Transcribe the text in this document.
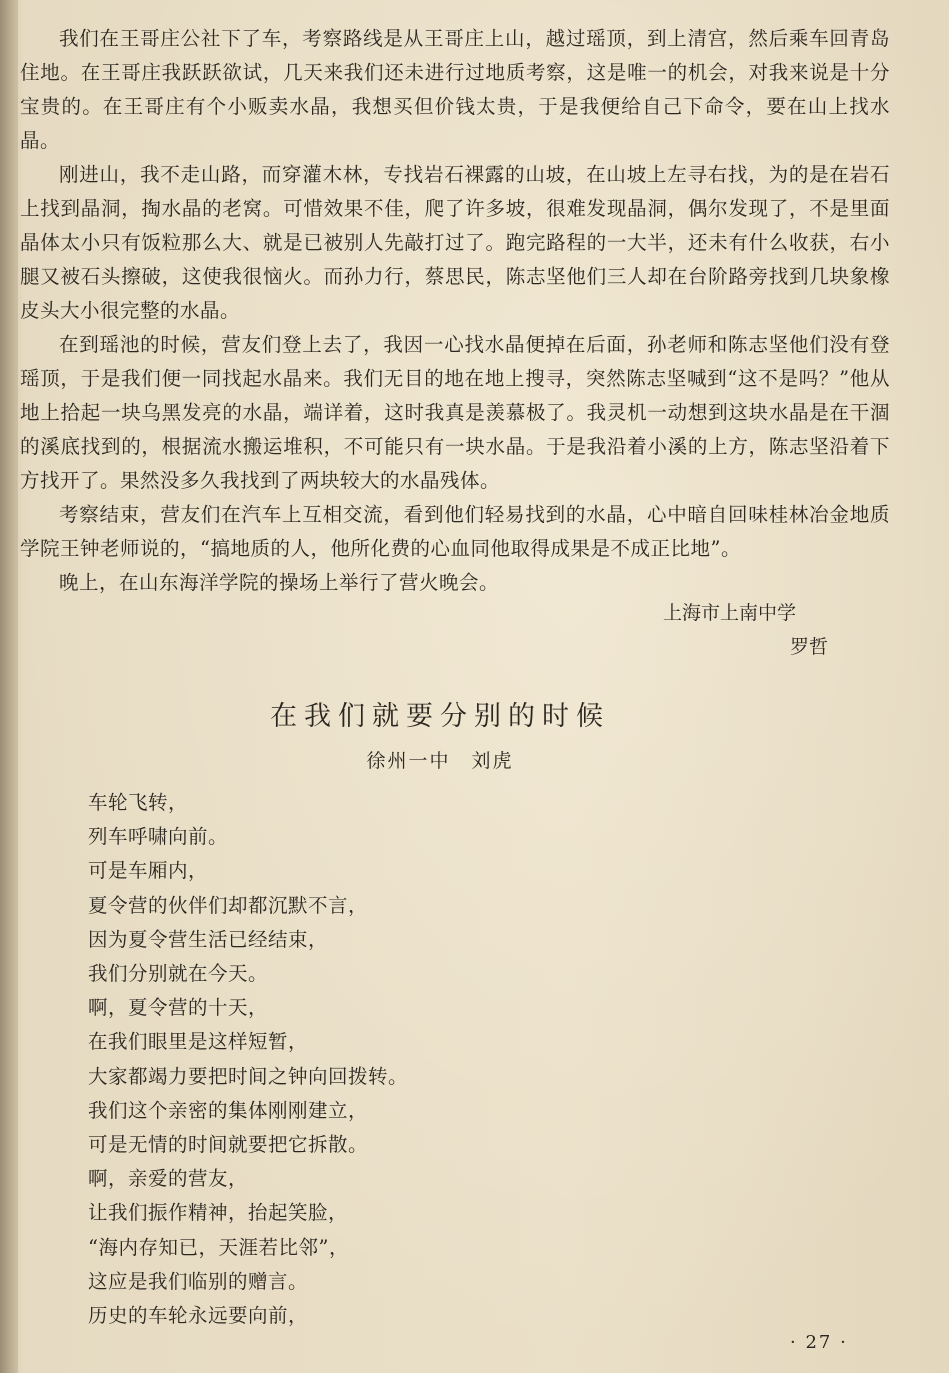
我们在王哥庄公社下了车，考察路线是从王哥庄上山，越过瑶顶，到上清宫，然后乘车回青岛住地。在王哥庄我跃跃欲试，几天来我们还未进行过地质考察，这是唯一的机会，对我来说是十分宝贵的。在王哥庄有个小贩卖水晶，我想买但价钱太贵，于是我便给自己下命令，要在山上找水晶。

刚进山，我不走山路，而穿灌木林，专找岩石裸露的山坡，在山坡上左寻右找，为的是在岩石上找到晶洞，掏水晶的老窝。可惜效果不佳，爬了许多坡，很难发现晶洞，偶尔发现了，不是里面晶体太小只有饭粒那么大、就是已被别人先敲打过了。跑完路程的一大半，还未有什么收获，右小腿又被石头擦破，这使我很恼火。而孙力行，蔡思民，陈志坚他们三人却在台阶路旁找到几块象橡皮头大小很完整的水晶。

在到瑶池的时候，营友们登上去了，我因一心找水晶便掉在后面，孙老师和陈志坚他们没有登瑶顶，于是我们便一同找起水晶来。我们无目的地在地上搜寻，突然陈志坚喊到“这不是吗？”他从地上拾起一块乌黑发亮的水晶，端详着，这时我真是羡慕极了。我灵机一动想到这块水晶是在干涸的溪底找到的，根据流水搬运堆积，不可能只有一块水晶。于是我沿着小溪的上方，陈志坚沿着下方找开了。果然没多久我找到了两块较大的水晶残体。

考察结束，营友们在汽车上互相交流，看到他们轻易找到的水晶，心中暗自回味桂林冶金地质学院王钟老师说的，“搞地质的人，他所化费的心血同他取得成果是不成正比地”。

晚上，在山东海洋学院的操场上举行了营火晚会。

上海市上南中学
罗哲
在我们就要分别的时候
徐州一中　刘虎
车轮飞转，
列车呼啸向前。
可是车厢内，
夏令营的伙伴们却都沉默不言，
因为夏令营生活已经结束，
我们分别就在今天。
啊，夏令营的十天，
在我们眼里是这样短暂，
大家都竭力要把时间之钟向回拨转。
我们这个亲密的集体刚刚建立，
可是无情的时间就要把它拆散。
啊，亲爱的营友，
让我们振作精神，抬起笑脸，
“海内存知已，天涯若比邻”，
这应是我们临别的赠言。
历史的车轮永远要向前，
· 27 ·
